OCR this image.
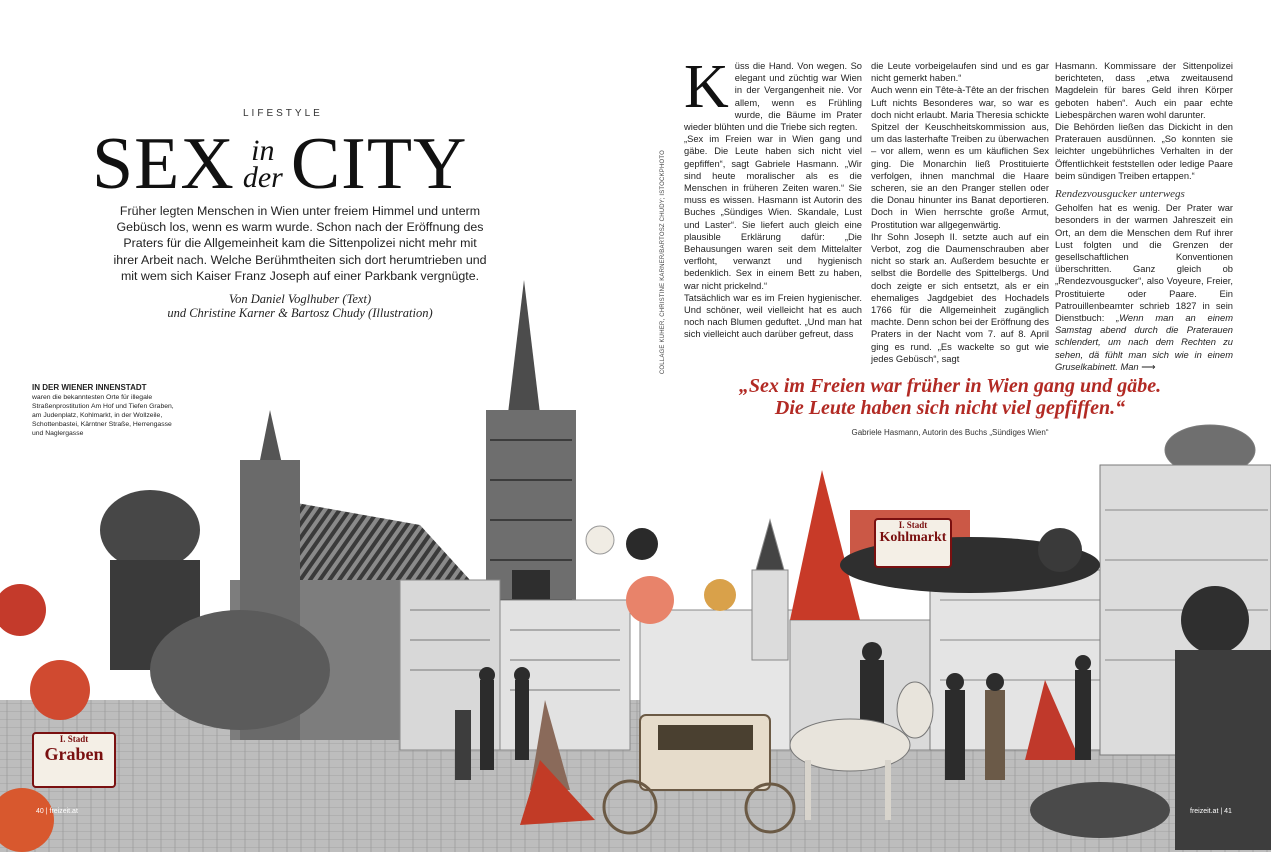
LIFESTYLE
SEX in
der CITY
Früher legten Menschen in Wien unter freiem Himmel und unterm Gebüsch los, wenn es warm wurde. Schon nach der Eröffnung des Praters für die Allgemeinheit kam die Sittenpolizei nicht mehr mit ihrer Arbeit nach. Welche Berühmtheiten sich dort herumtrieben und mit wem sich Kaiser Franz Joseph auf einer Parkbank vergnügte.
Von Daniel Voglhuber (Text)
und Christine Karner & Bartosz Chudy (Illustration)
IN DER WIENER INNENSTADT
waren die bekanntesten Orte für illegale Straßenprostitution Am Hof und Tiefen Graben, am Judenplatz, Kohlmarkt, in der Wollzeile, Schottenbastei, Kärntner Straße, Herrengasse und Naglergasse
COLLAGE KÜHER, CHRISTINE KARNER/BARTOSZ CHUDY; ISTOCKPHOTO
K üss die Hand. Von wegen. So elegant und züchtig war Wien in der Vergangenheit nie. Vor allem, wenn es Frühling wurde, die Bäume im Prater wieder blühten und die Triebe sich regten.

„Sex im Freien war in Wien gang und gäbe. Die Leute haben sich nicht viel gepfiffen“, sagt Gabriele Hasmann. „Wir sind heute moralischer als es die Menschen in früheren Zeiten waren.“ Sie muss es wissen. Hasmann ist Autorin des Buches „Sündiges Wien. Skandale, Lust und Laster“. Sie liefert auch gleich eine plausible Erklärung dafür: „Die Behausungen waren seit dem Mittelalter verfloht, verwanzt und hygienisch bedenklich. Sex in einem Bett zu haben, war nicht prickelnd.“

Tatsächlich war es im Freien hygienischer. Und schöner, weil vielleicht hat es auch noch nach Blumen geduftet. „Und man hat sich vielleicht auch darüber gefreut, dass

die Leute vorbeigelaufen sind und es gar nicht gemerkt haben.“

Auch wenn ein Tête-à-Tête an der frischen Luft nichts Besonderes war, so war es doch nicht erlaubt. Maria Theresia schickte Spitzel der Keuschheitskommission aus, um das lasterhafte Treiben zu überwachen – vor allem, wenn es um käuflichen Sex ging. Die Monarchin ließ Prostituierte verfolgen, ihnen manchmal die Haare scheren, sie an den Pranger stellen oder die Donau hinunter ins Banat deportieren. Doch in Wien herrschte große Armut, Prostitution war allgegenwärtig.

Ihr Sohn Joseph II. setzte auch auf ein Verbot, zog die Daumenschrauben aber nicht so stark an. Außerdem besuchte er selbst die Bordelle des Spittelbergs. Und doch zeigte er sich entsetzt, als er ein ehemaliges Jagdgebiet des Hochadels 1766 für die Allgemeinheit zugänglich machte. Denn schon bei der Eröffnung des Praters in der Nacht vom 7. auf 8. April ging es rund. „Es wackelte so gut wie jedes Gebüsch“, sagt

Hasmann. Kommissare der Sittenpolizei berichteten, dass „etwa zweitausend Magdelein für bares Geld ihren Körper geboten haben“. Auch ein paar echte Liebespärchen waren wohl darunter.

Die Behörden ließen das Dickicht in den Praterauen ausdünnen. „So konnten sie leichter ungebührliches Verhalten in der Öffentlichkeit feststellen oder ledige Paare beim sündigen Treiben ertappen.“

Rendezvousgucker unterwegs

Geholfen hat es wenig. Der Prater war besonders in der warmen Jahreszeit ein Ort, an dem die Menschen dem Ruf ihrer Lust folgten und die Grenzen der gesellschaftlichen Konventionen überschritten. Ganz gleich ob „Rendezvousgucker“, also Voyeure, Freier, Prostituierte oder Paare. Ein Patrouillenbeamter schrieb 1827 in sein Dienstbuch: „Wenn man an einem Samstag abend durch die Praterauen schlendert, um nach dem Rechten zu sehen, dä fühlt man sich wie in einem Gruselkabinett. Man ⟶

„Sex im Freien war früher in Wien gang und gäbe.
Die Leute haben sich nicht viel gepfiffen.“
Gabriele Hasmann, Autorin des Buchs „Sündiges Wien“
I. Stadt
Graben
I. Stadt
Kohlmarkt
40 | freizeit.at	freizeit.at | 41
